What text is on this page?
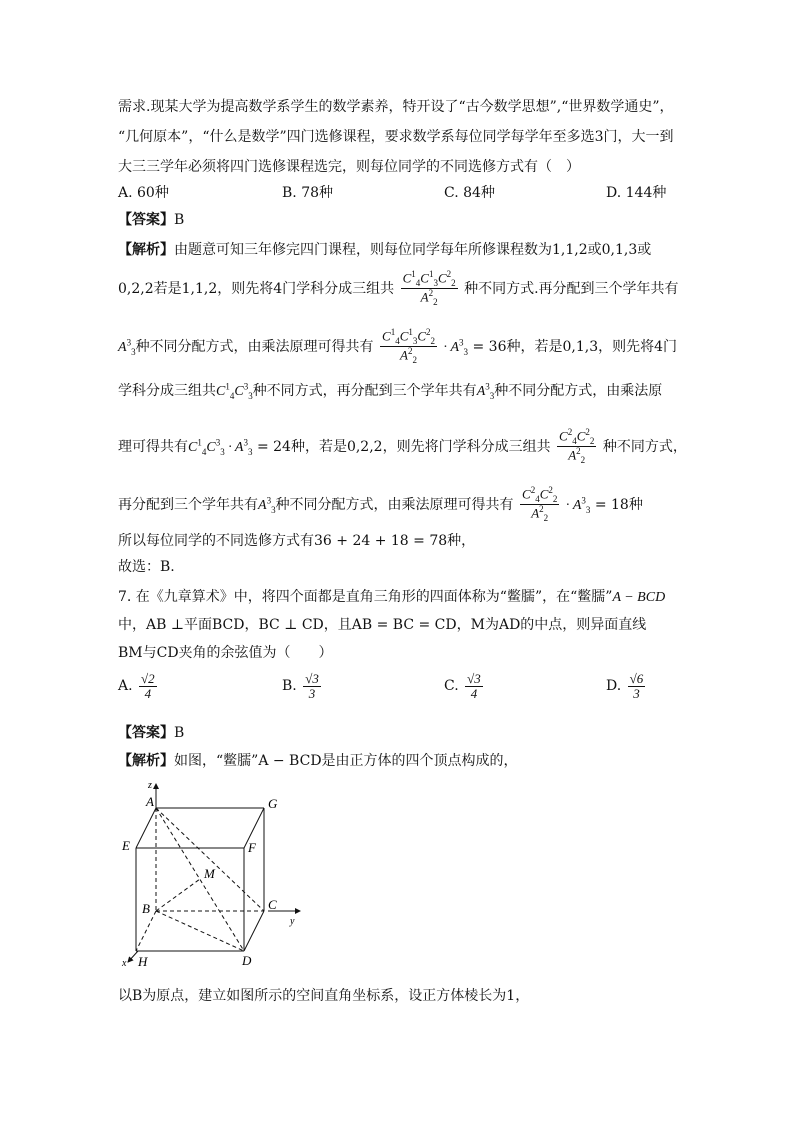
需求.现某大学为提高数学系学生的数学素养，特开设了“古今数学思想”,“世界数学通史”，
“几何原本”，“什么是数学”四门选修课程，要求数学系每位同学每学年至多选3门，大一到
大三三学年必须将四门选修课程选完，则每位同学的不同选修方式有（　）
A. 60种	B. 78种	C. 84种	D. 144种
【答案】B
【解析】由题意可知三年修完四门课程，则每位同学每年所修课程数为1,1,2或0,1,3或
0,2,2若是1,1,2，则先将4门学科分成三组共 $\frac{C^1_4C^1_3C^2_2}{A^2_2}$ 种不同方式.再分配到三个学年共有
$A^3_3$种不同分配方式，由乘法原理可得共有 $\frac{C^1_4C^1_3C^2_2}{A^2_2} \cdot A^3_3 = 36$种，若是0,1,3，则先将4门
学科分成三组共$C^1_4C^3_3$种不同方式，再分配到三个学年共有$A^3_3$种不同分配方式，由乘法原
理可得共有$C^1_4C^3_3 \cdot A^3_3 = 24$种，若是0,2,2，则先将门学科分成三组共 $\frac{C^2_4C^2_2}{A^2_2}$ 种不同方式，
再分配到三个学年共有$A^3_3$种不同分配方式，由乘法原理可得共有 $\frac{C^2_4C^2_2}{A^2_2} \cdot A^3_3 = 18$种
所以每位同学的不同选修方式有36 + 24 + 18 = 78种，
故选：B.
7. 在《九章算术》中，将四个面都是直角三角形的四面体称为“鳖臑”，在“鳖臑”A − BCD
中，AB ⊥平面BCD，BC ⊥ CD，且AB = BC = CD，M为AD的中点，则异面直线
BM与CD夹角的余弦值为（　　）
A. $\frac{√2}{4}$	B. $\frac{√3}{3}$	C. $\frac{√3}{4}$	D. $\frac{√6}{3}$
【答案】B
【解析】如图，“鳖臑”A − BCD是由正方体的四个顶点构成的，
z
A	G
E	F
M
B	C
y
D
x H
以B为原点，建立如图所示的空间直角坐标系，设正方体棱长为1，
